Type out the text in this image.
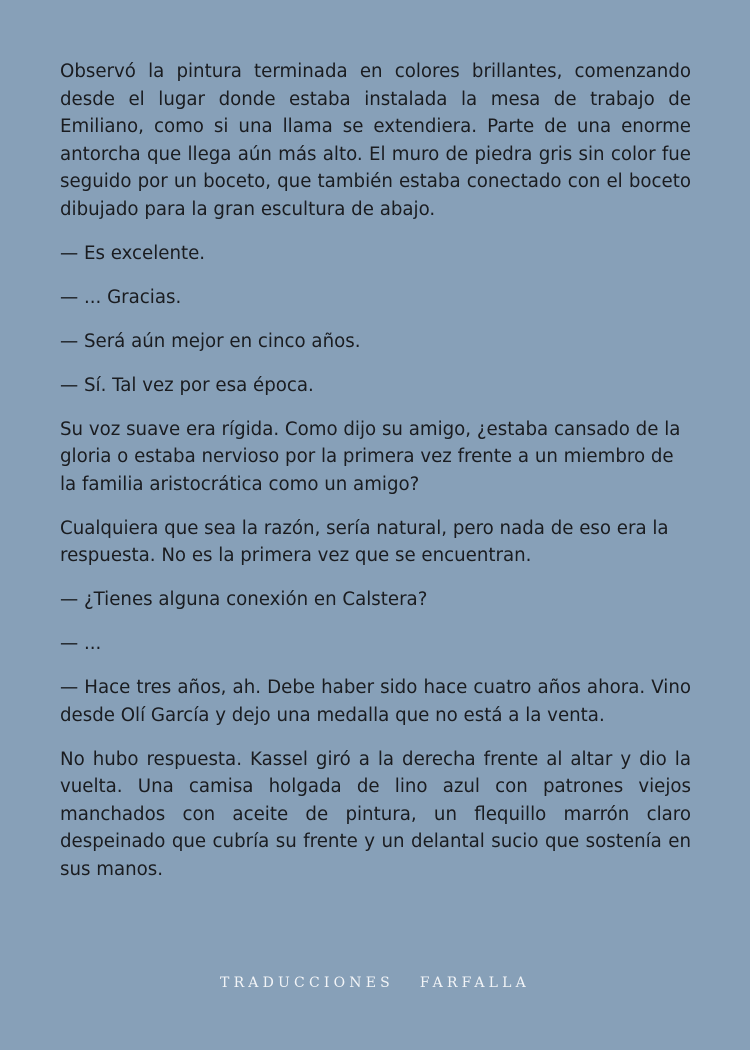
Observó la pintura terminada en colores brillantes, comenzando desde el lugar donde estaba instalada la mesa de trabajo de Emiliano, como si una llama se extendiera. Parte de una enorme antorcha que llega aún más alto. El muro de piedra gris sin color fue seguido por un boceto, que también estaba conectado con el boceto dibujado para la gran escultura de abajo.

— Es excelente.

— ... Gracias.

— Será aún mejor en cinco años.

— Sí. Tal vez por esa época.

Su voz suave era rígida. Como dijo su amigo, ¿estaba cansado de la gloria o estaba nervioso por la primera vez frente a un miembro de la familia aristocrática como un amigo?

Cualquiera que sea la razón, sería natural, pero nada de eso era la respuesta. No es la primera vez que se encuentran.

— ¿Tienes alguna conexión en Calstera?

— ...

— Hace tres años, ah. Debe haber sido hace cuatro años ahora. Vino desde Olí García y dejo una medalla que no está a la venta.

No hubo respuesta. Kassel giró a la derecha frente al altar y dio la vuelta. Una camisa holgada de lino azul con patrones viejos manchados con aceite de pintura, un flequillo marrón claro despeinado que cubría su frente y un delantal sucio que sostenía en sus manos.

TRADUCCIONES   FARFALLA
